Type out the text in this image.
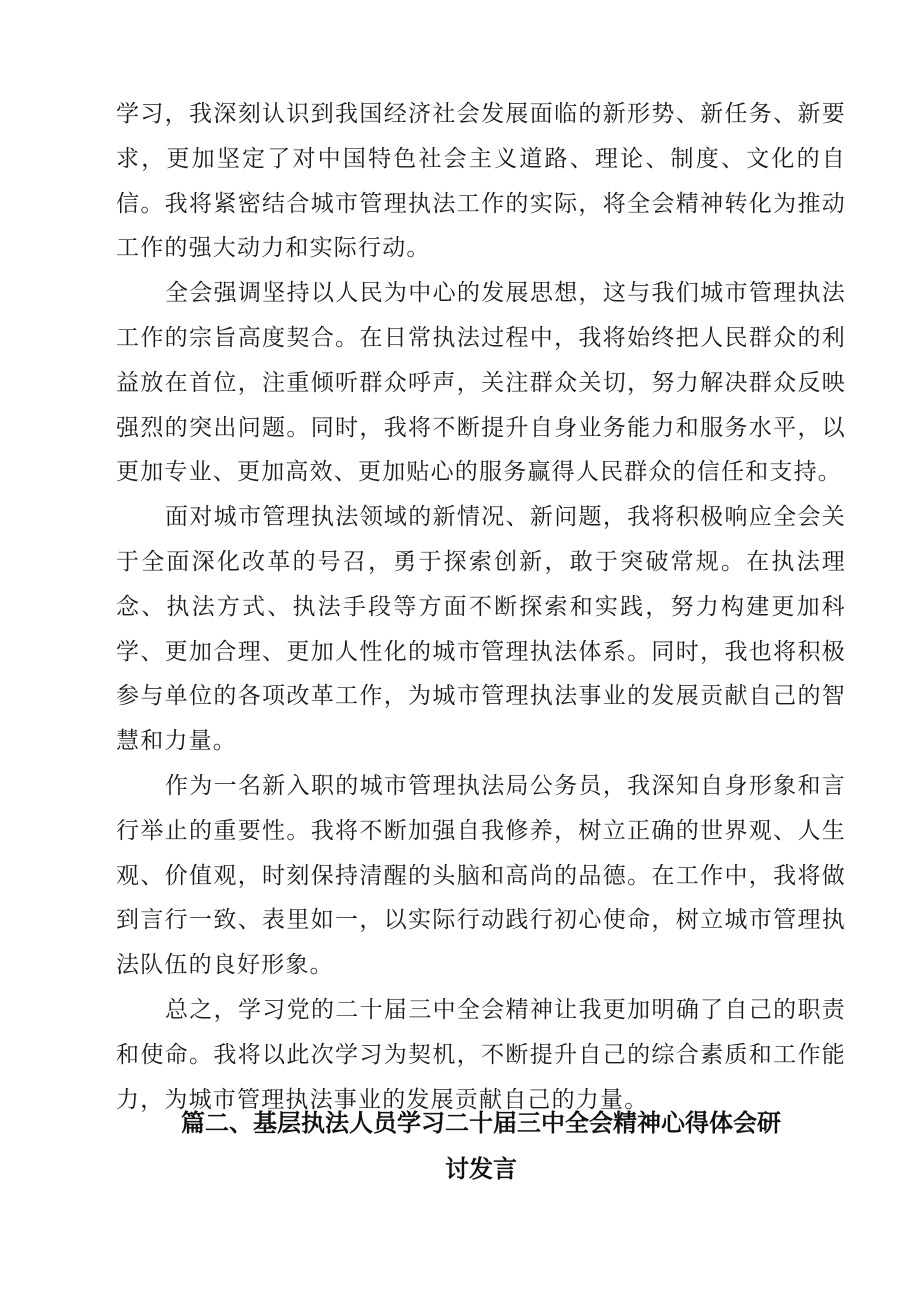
学习，我深刻认识到我国经济社会发展面临的新形势、新任务、新要求，更加坚定了对中国特色社会主义道路、理论、制度、文化的自信。我将紧密结合城市管理执法工作的实际，将全会精神转化为推动工作的强大动力和实际行动。

全会强调坚持以人民为中心的发展思想，这与我们城市管理执法工作的宗旨高度契合。在日常执法过程中，我将始终把人民群众的利益放在首位，注重倾听群众呼声，关注群众关切，努力解决群众反映强烈的突出问题。同时，我将不断提升自身业务能力和服务水平，以更加专业、更加高效、更加贴心的服务赢得人民群众的信任和支持。

面对城市管理执法领域的新情况、新问题，我将积极响应全会关于全面深化改革的号召，勇于探索创新，敢于突破常规。在执法理念、执法方式、执法手段等方面不断探索和实践，努力构建更加科学、更加合理、更加人性化的城市管理执法体系。同时，我也将积极参与单位的各项改革工作，为城市管理执法事业的发展贡献自己的智慧和力量。

作为一名新入职的城市管理执法局公务员，我深知自身形象和言行举止的重要性。我将不断加强自我修养，树立正确的世界观、人生观、价值观，时刻保持清醒的头脑和高尚的品德。在工作中，我将做到言行一致、表里如一，以实际行动践行初心使命，树立城市管理执法队伍的良好形象。

总之，学习党的二十届三中全会精神让我更加明确了自己的职责和使命。我将以此次学习为契机，不断提升自己的综合素质和工作能力，为城市管理执法事业的发展贡献自己的力量。

篇二、基层执法人员学习二十届三中全会精神心得体会研
讨发言
